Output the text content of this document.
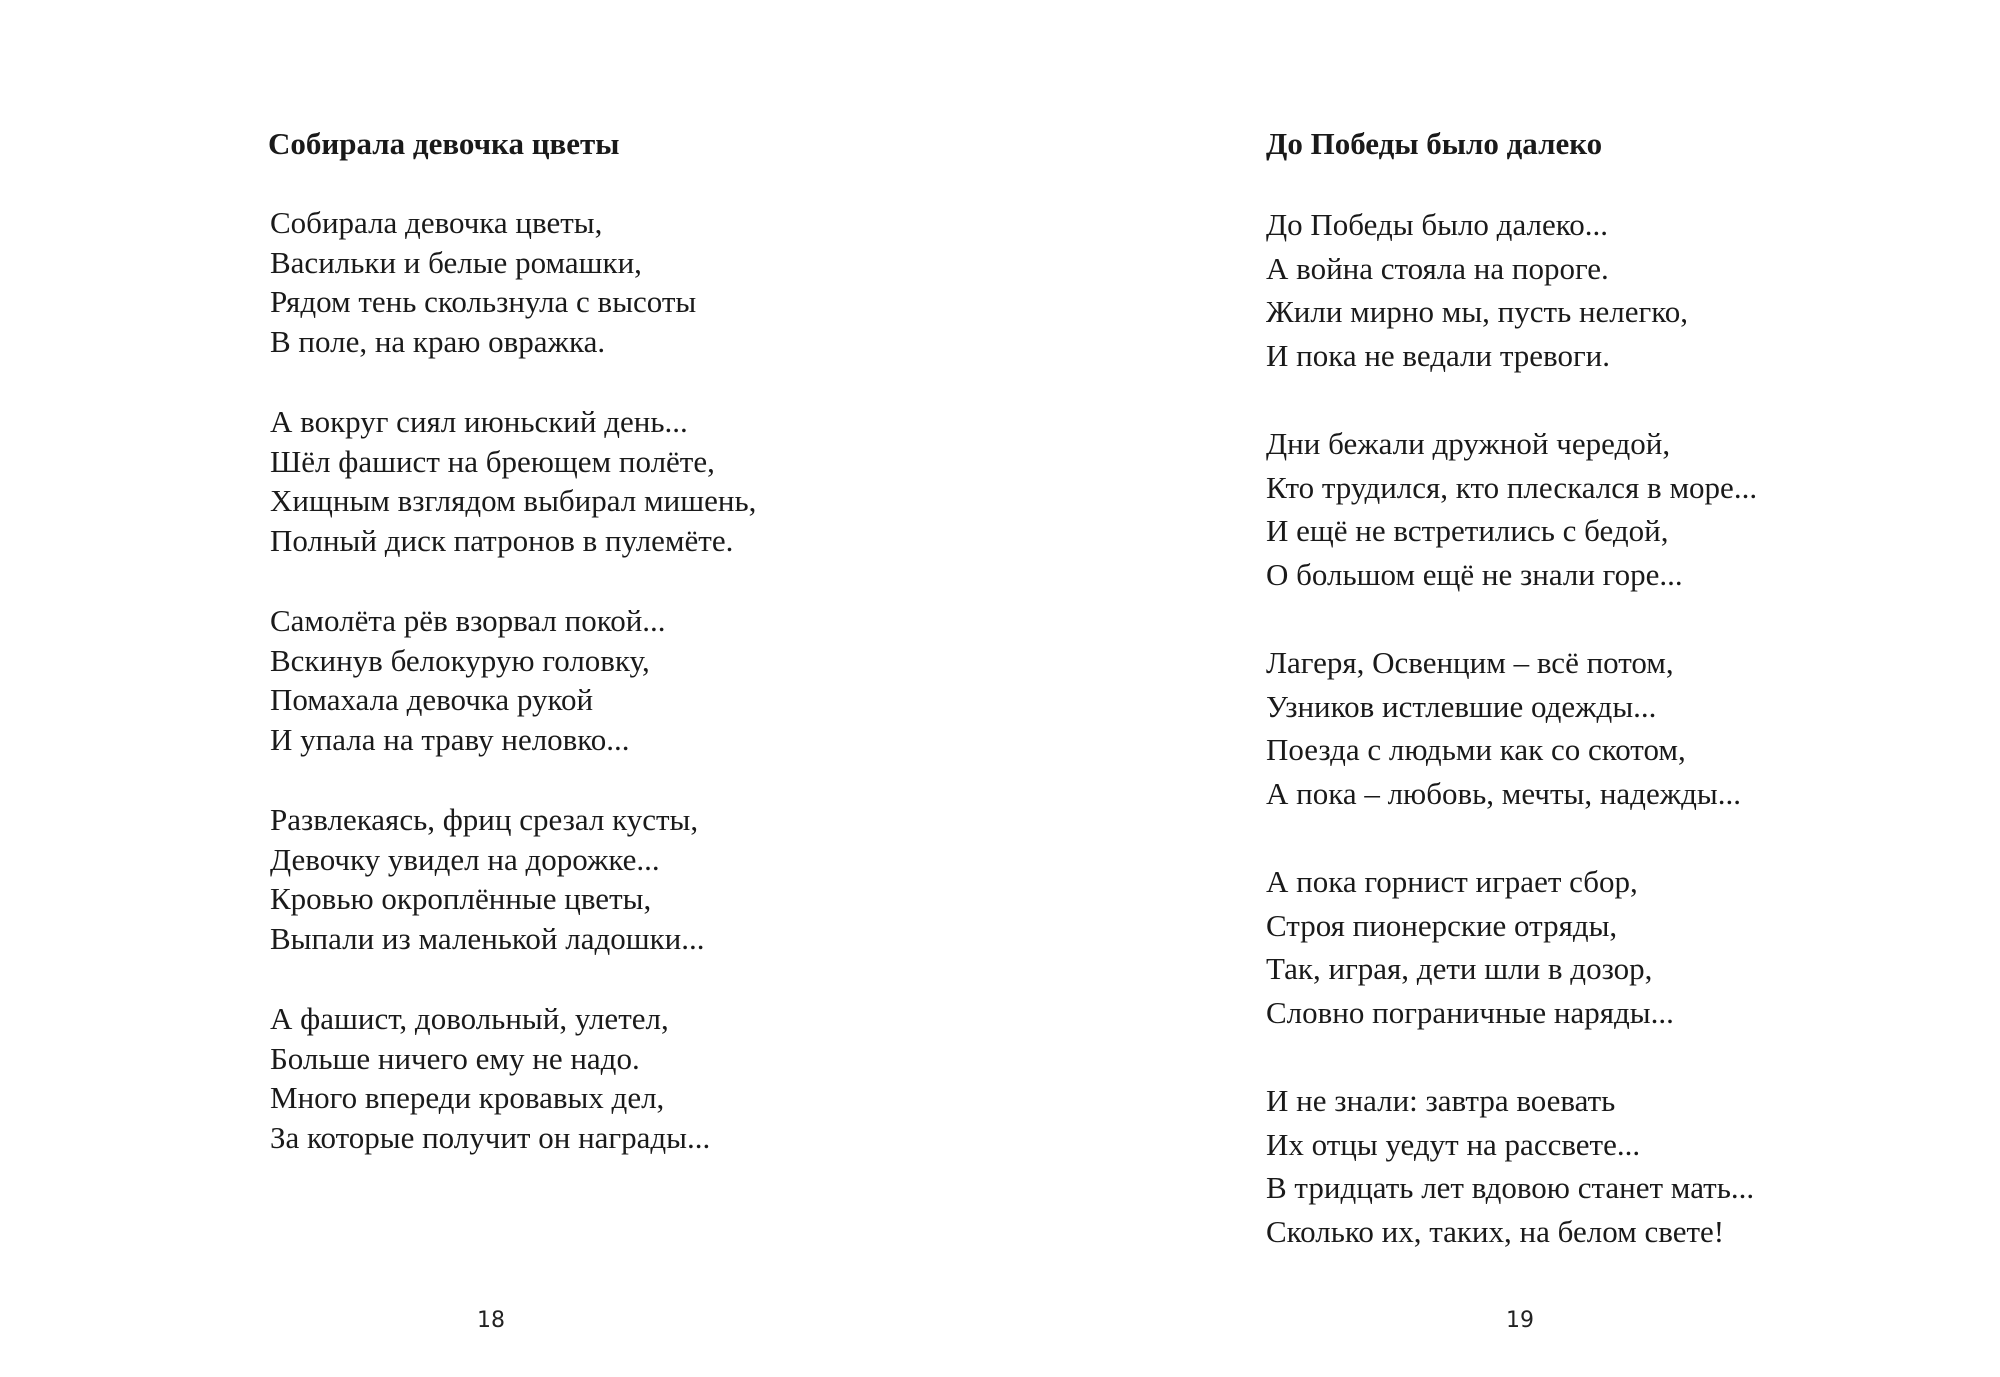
Собирала девочка цветы
Собирала девочка цветы,
Васильки и белые ромашки,
Рядом тень скользнула с высоты
В поле, на краю овражка.
А вокруг сиял июньский день...
Шёл фашист на бреющем полёте,
Хищным взглядом выбирал мишень,
Полный диск патронов в пулемёте.
Самолёта рёв взорвал покой...
Вскинув белокурую головку,
Помахала девочка рукой
И упала на траву неловко...
Развлекаясь, фриц срезал кусты,
Девочку увидел на дорожке...
Кровью окроплённые цветы,
Выпали из маленькой ладошки...
А фашист, довольный, улетел,
Больше ничего ему не надо.
Много впереди кровавых дел,
За которые получит он награды...
18
До Победы было далеко
До Победы было далеко...
А война стояла на пороге.
Жили мирно мы, пусть нелегко,
И пока не ведали тревоги.
Дни бежали дружной чередой,
Кто трудился, кто плескался в море...
И ещё не встретились с бедой,
О большом ещё не знали горе...
Лагеря, Освенцим – всё потом,
Узников истлевшие одежды...
Поезда с людьми как со скотом,
А пока – любовь, мечты, надежды...
А пока горнист играет сбор,
Строя пионерские отряды,
Так, играя, дети шли в дозор,
Словно пограничные наряды...
И не знали: завтра воевать
Их отцы уедут на рассвете...
В тридцать лет вдовою станет мать...
Сколько их, таких, на белом свете!
19
